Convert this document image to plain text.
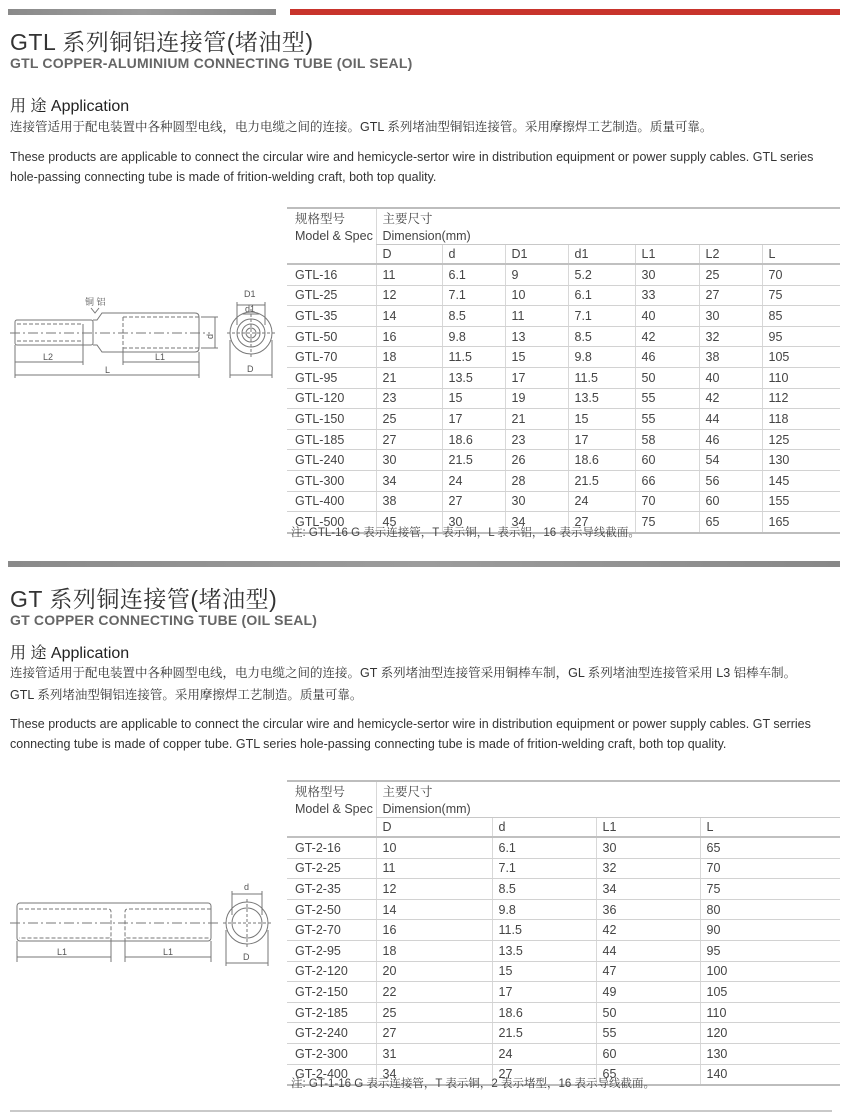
GTL 系列铜铝连接管(堵油型)
GTL COPPER-ALUMINIUM CONNECTING TUBE (OIL SEAL)
用 途 Application
连接管适用于配电装置中各种圆型电线，电力电缆之间的连接。GTL 系列堵油型铜铝连接管。采用摩擦焊工艺制造。质量可靠。
These products are applicable to connect the circular wire and hemicycle-sertor wire in distribution equipment or power supply cables. GTL series hole-passing connecting tube is made of frition-welding craft, both top quality.
铜 铝
L2	L1
L
d
D1
d1
D
规格型号	主要尺寸						
Model & Spec	Dimension(mm)						
	D	d	D1	d1	L1	L2	L
GTL-16	11	6.1	9	5.2	30	25	70
GTL-25	12	7.1	10	6.1	33	27	75
GTL-35	14	8.5	11	7.1	40	30	85
GTL-50	16	9.8	13	8.5	42	32	95
GTL-70	18	11.5	15	9.8	46	38	105
GTL-95	21	13.5	17	11.5	50	40	110
GTL-120	23	15	19	13.5	55	42	112
GTL-150	25	17	21	15	55	44	118
GTL-185	27	18.6	23	17	58	46	125
GTL-240	30	21.5	26	18.6	60	54	130
GTL-300	34	24	28	21.5	66	56	145
GTL-400	38	27	30	24	70	60	155
GTL-500	45	30	34	27	75	65	165
注: GTL-16 G 表示连接管，T 表示铜，L 表示铝，16 表示导线截面。
GT 系列铜连接管(堵油型)
GT COPPER CONNECTING TUBE (OIL SEAL)
用 途 Application
连接管适用于配电装置中各种圆型电线，电力电缆之间的连接。GT 系列堵油型连接管采用铜棒车制，GL 系列堵油型连接管采用 L3 铝棒车制。
GTL 系列堵油型铜铝连接管。采用摩擦焊工艺制造。质量可靠。
These products are applicable to connect the circular wire and hemicycle-sertor wire in distribution equipment or power supply cables. GT serries connecting tube is made of copper tube. GTL series hole-passing connecting tube is made of frition-welding craft, both top quality.
L1	L1
d
D
规格型号	主要尺寸			
Model & Spec	Dimension(mm)			
	D	d	L1	L
GT-2-16	10	6.1	30	65
GT-2-25	11	7.1	32	70
GT-2-35	12	8.5	34	75
GT-2-50	14	9.8	36	80
GT-2-70	16	11.5	42	90
GT-2-95	18	13.5	44	95
GT-2-120	20	15	47	100
GT-2-150	22	17	49	105
GT-2-185	25	18.6	50	110
GT-2-240	27	21.5	55	120
GT-2-300	31	24	60	130
GT-2-400	34	27	65	140
注: GT-1-16 G 表示连接管，T 表示铜，2 表示堵型，16 表示导线截面。
